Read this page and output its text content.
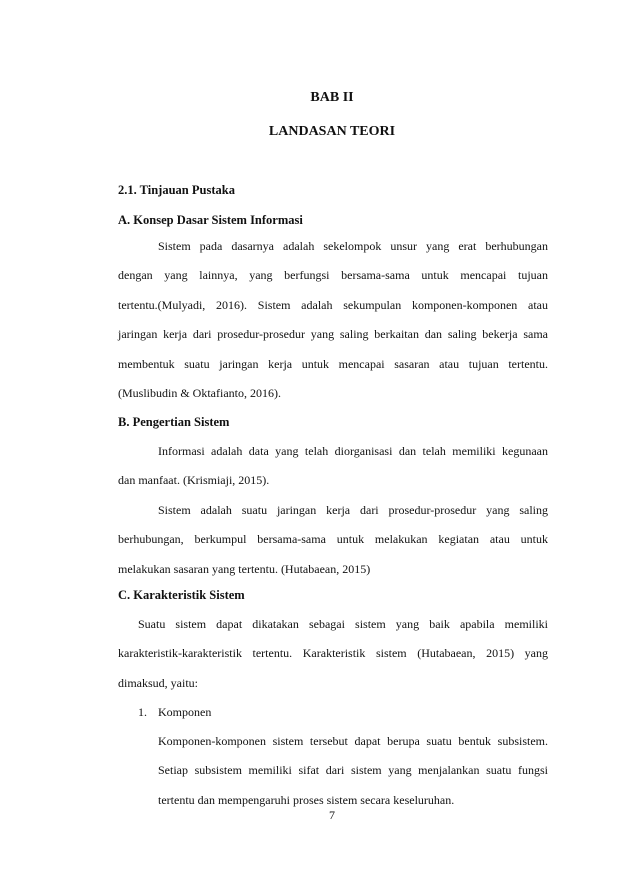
BAB II
LANDASAN TEORI
2.1. Tinjauan Pustaka
A. Konsep Dasar Sistem Informasi
Sistem pada dasarnya adalah sekelompok unsur yang erat berhubungan
dengan yang lainnya, yang berfungsi bersama-sama untuk mencapai tujuan
tertentu.(Mulyadi, 2016). Sistem adalah sekumpulan komponen-komponen atau
jaringan kerja dari prosedur-prosedur yang saling berkaitan dan saling bekerja sama
membentuk suatu jaringan kerja untuk mencapai sasaran atau tujuan tertentu.
(Muslibudin & Oktafianto, 2016).
B. Pengertian Sistem
Informasi adalah data yang telah diorganisasi dan telah memiliki kegunaan
dan manfaat. (Krismiaji, 2015).
Sistem adalah suatu jaringan kerja dari prosedur-prosedur yang saling
berhubungan, berkumpul bersama-sama untuk melakukan kegiatan atau untuk
melakukan sasaran yang tertentu. (Hutabaean, 2015)
C. Karakteristik Sistem
Suatu sistem dapat dikatakan sebagai sistem yang baik apabila memiliki
karakteristik-karakteristik tertentu. Karakteristik sistem (Hutabaean, 2015) yang
dimaksud, yaitu:
1. Komponen
Komponen-komponen sistem tersebut dapat berupa suatu bentuk subsistem.
Setiap subsistem memiliki sifat dari sistem yang menjalankan suatu fungsi
tertentu dan mempengaruhi proses sistem secara keseluruhan.
7
